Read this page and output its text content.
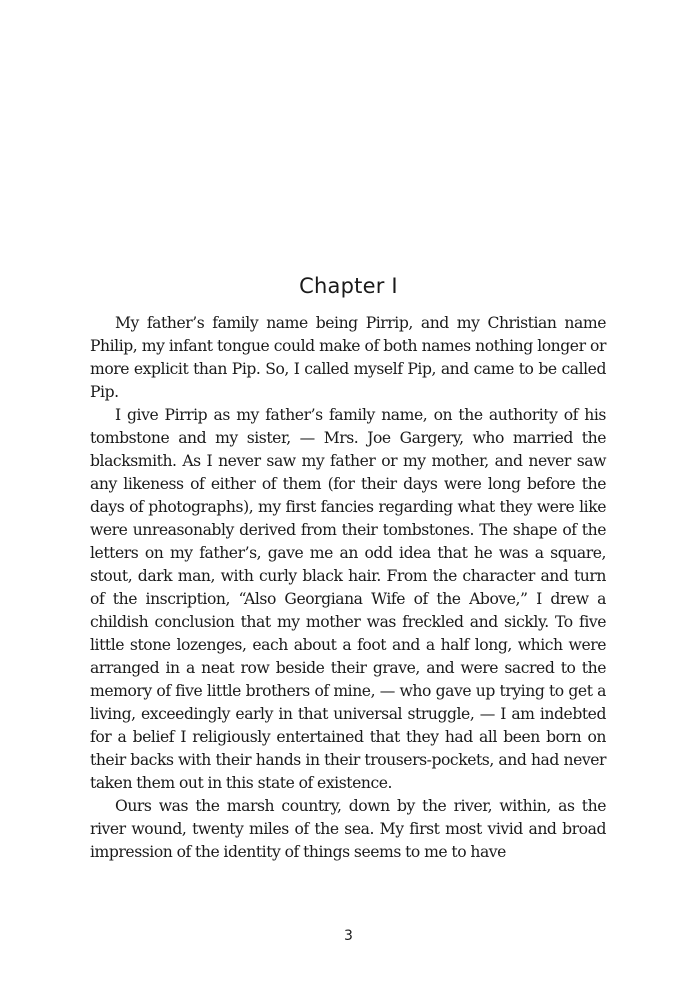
Chapter I

My father’s family name being Pirrip, and my Christian name Philip, my infant tongue could make of both names nothing longer or more explicit than Pip. So, I called myself Pip, and came to be called Pip.

I give Pirrip as my father’s family name, on the authority of his tombstone and my sister, — Mrs. Joe Gargery, who married the blacksmith. As I never saw my father or my mother, and never saw any likeness of either of them (for their days were long before the days of photographs), my first fancies regarding what they were like were unreasonably derived from their tombstones. The shape of the letters on my father’s, gave me an odd idea that he was a square, stout, dark man, with curly black hair. From the character and turn of the inscription, “Also Georgiana Wife of the Above,” I drew a childish conclusion that my mother was freckled and sickly. To five little stone lozenges, each about a foot and a half long, which were arranged in a neat row beside their grave, and were sacred to the memory of five little brothers of mine, — who gave up trying to get a living, exceedingly early in that universal struggle, — I am indebted for a belief I religiously entertained that they had all been born on their backs with their hands in their trousers-pockets, and had never taken them out in this state of existence.

Ours was the marsh country, down by the river, within, as the river wound, twenty miles of the sea. My first most vivid and broad impression of the identity of things seems to me to have

3
